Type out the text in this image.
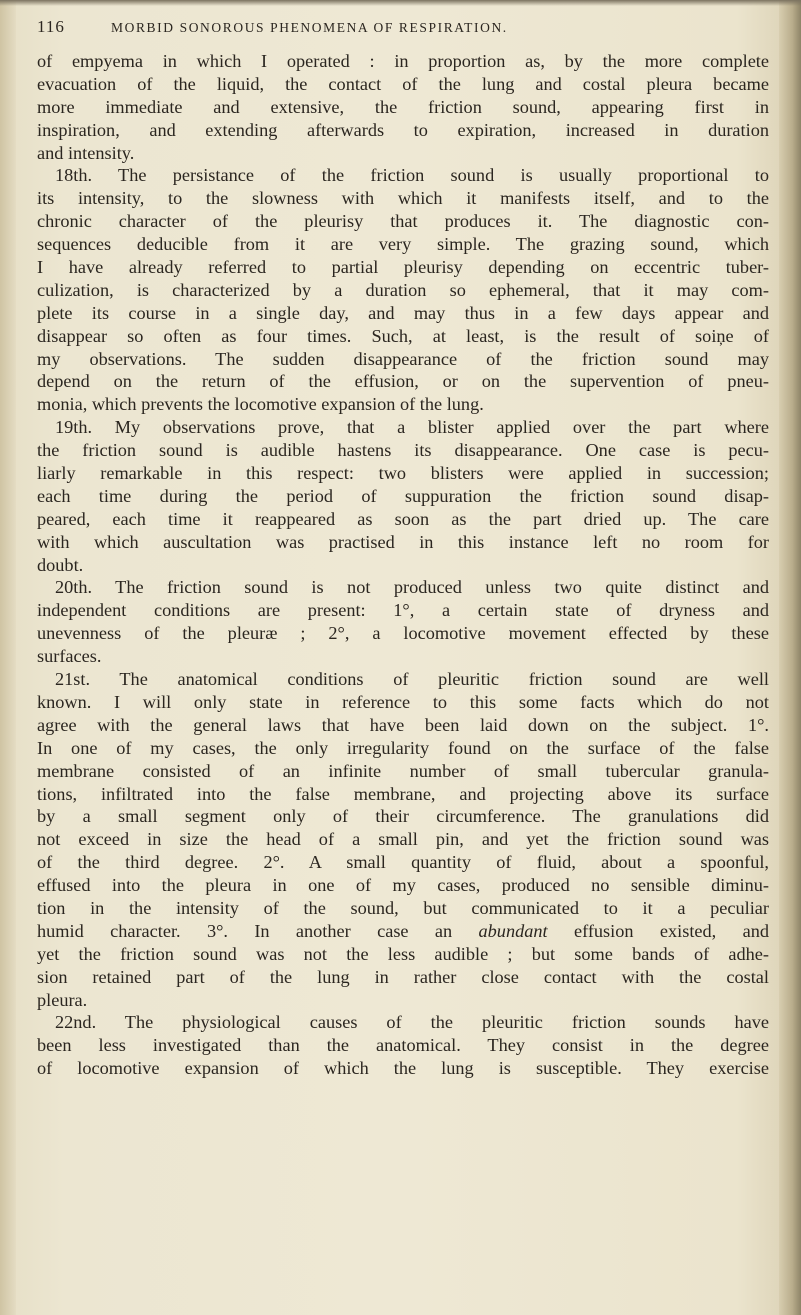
116	MORBID SONOROUS PHENOMENA OF RESPIRATION.
of empyema in which I operated : in proportion as, by the more complete
evacuation of the liquid, the contact of the lung and costal pleura became
more immediate and extensive, the friction sound, appearing first in
inspiration, and extending afterwards to expiration, increased in duration
and intensity.
18th. The persistance of the friction sound is usually proportional to
its intensity, to the slowness with which it manifests itself, and to the
chronic character of the pleurisy that produces it. The diagnostic con-
sequences deducible from it are very simple. The grazing sound, which
I have already referred to partial pleurisy depending on eccentric tuber-
culization, is characterized by a duration so ephemeral, that it may com-
plete its course in a single day, and may thus in a few days appear and
disappear so often as four times. Such, at least, is the result of soiņe of
my observations. The sudden disappearance of the friction sound may
depend on the return of the effusion, or on the supervention of pneu-
monia, which prevents the locomotive expansion of the lung.
19th. My observations prove, that a blister applied over the part where
the friction sound is audible hastens its disappearance. One case is pecu-
liarly remarkable in this respect: two blisters were applied in succession;
each time during the period of suppuration the friction sound disap-
peared, each time it reappeared as soon as the part dried up. The care
with which auscultation was practised in this instance left no room for
doubt.
20th. The friction sound is not produced unless two quite distinct and
independent conditions are present: 1°, a certain state of dryness and
unevenness of the pleuræ ; 2°, a locomotive movement effected by these
surfaces.
21st. The anatomical conditions of pleuritic friction sound are well
known. I will only state in reference to this some facts which do not
agree with the general laws that have been laid down on the subject. 1°.
In one of my cases, the only irregularity found on the surface of the false
membrane consisted of an infinite number of small tubercular granula-
tions, infiltrated into the false membrane, and projecting above its surface
by a small segment only of their circumference. The granulations did
not exceed in size the head of a small pin, and yet the friction sound was
of the third degree. 2°. A small quantity of fluid, about a spoonful,
effused into the pleura in one of my cases, produced no sensible diminu-
tion in the intensity of the sound, but communicated to it a peculiar
humid character. 3°. In another case an abundant effusion existed, and
yet the friction sound was not the less audible ; but some bands of adhe-
sion retained part of the lung in rather close contact with the costal
pleura.
22nd. The physiological causes of the pleuritic friction sounds have
been less investigated than the anatomical. They consist in the degree
of locomotive expansion of which the lung is susceptible. They exercise
